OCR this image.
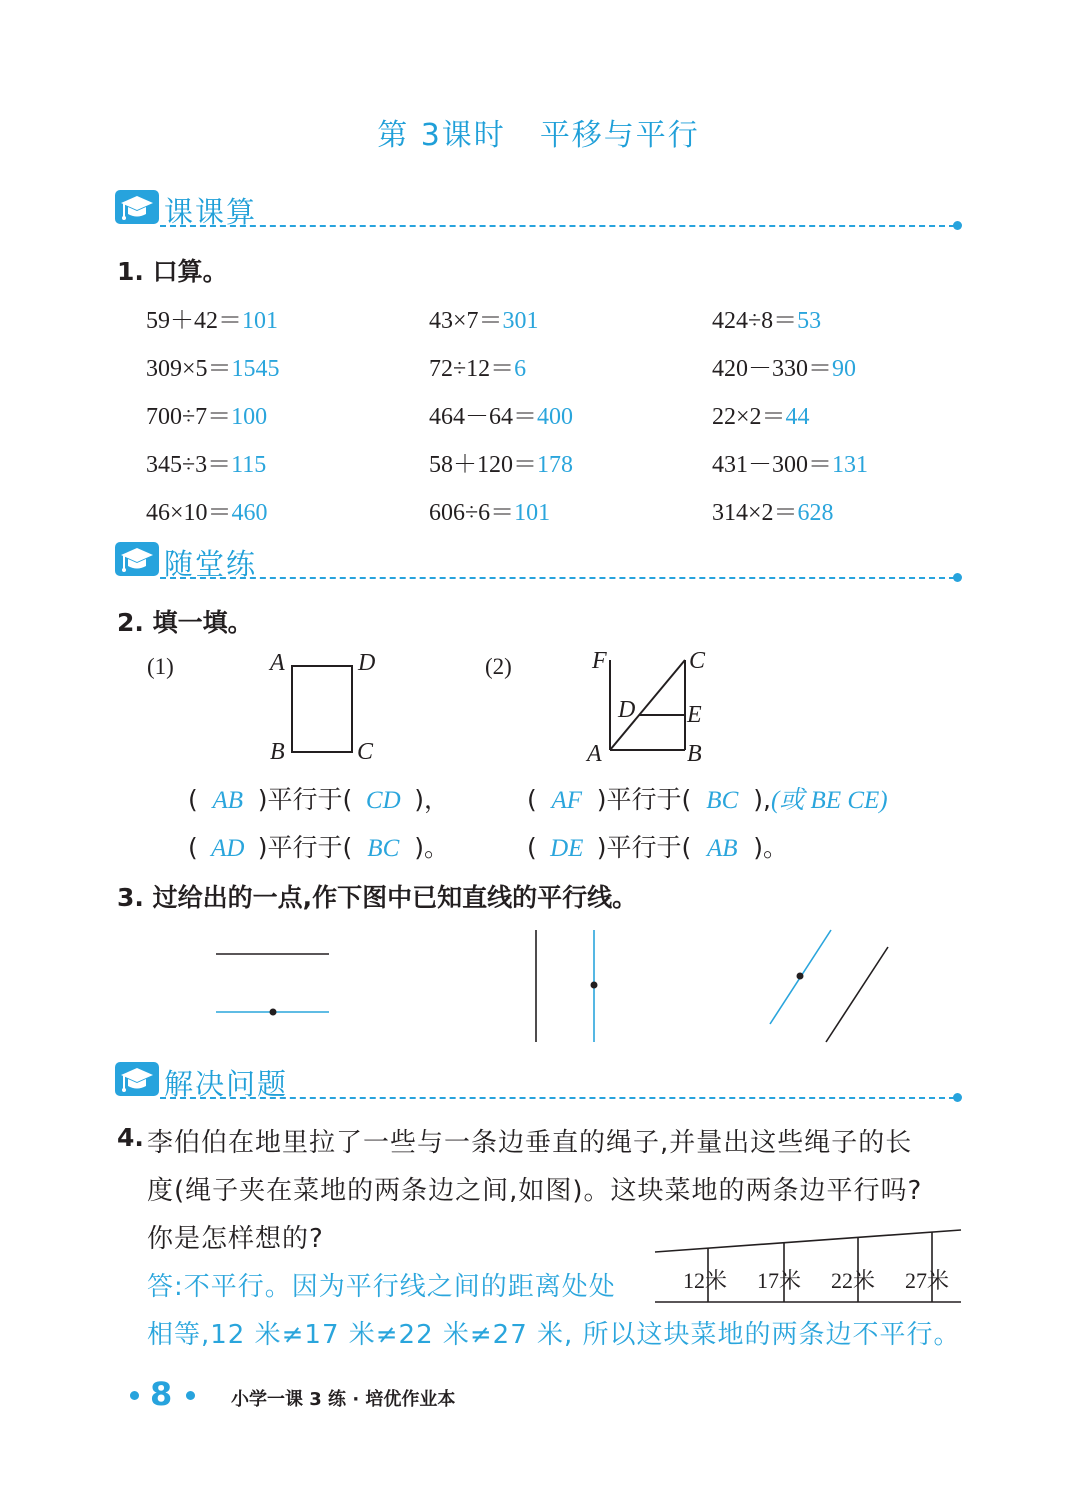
第 3课时 平移与平行
课课算
1. 口算。
59＋42＝101	43×7＝301	424÷8＝53
309×5＝1545	72÷12＝6	420－330＝90
700÷7＝100	464－64＝400	22×2＝44
345÷3＝115	58＋120＝178	431－300＝131
46×10＝460	606÷6＝101	314×2＝628
随堂练
2. 填一填。
(1)	A	D
B	C
(2)	F	C
D E
A	B
( AB )平行于( CD )，
( AD )平行于( BC )。
( AF )平行于( BC ),(或 BE CE)
( DE )平行于( AB )。
3. 过给出的一点,作下图中已知直线的平行线。
解决问题
4. 李伯伯在地里拉了一些与一条边垂直的绳子,并量出这些绳子的长
度(绳子夹在菜地的两条边之间,如图)。这块菜地的两条边平行吗?
你是怎样想的?
答:不平行。因为平行线之间的距离处处
相等,12 米≠17 米≠22 米≠27 米, 所以这块菜地的两条边不平行。
12米 17米 22米 27米
8	小学一课 3 练 · 培优作业本
